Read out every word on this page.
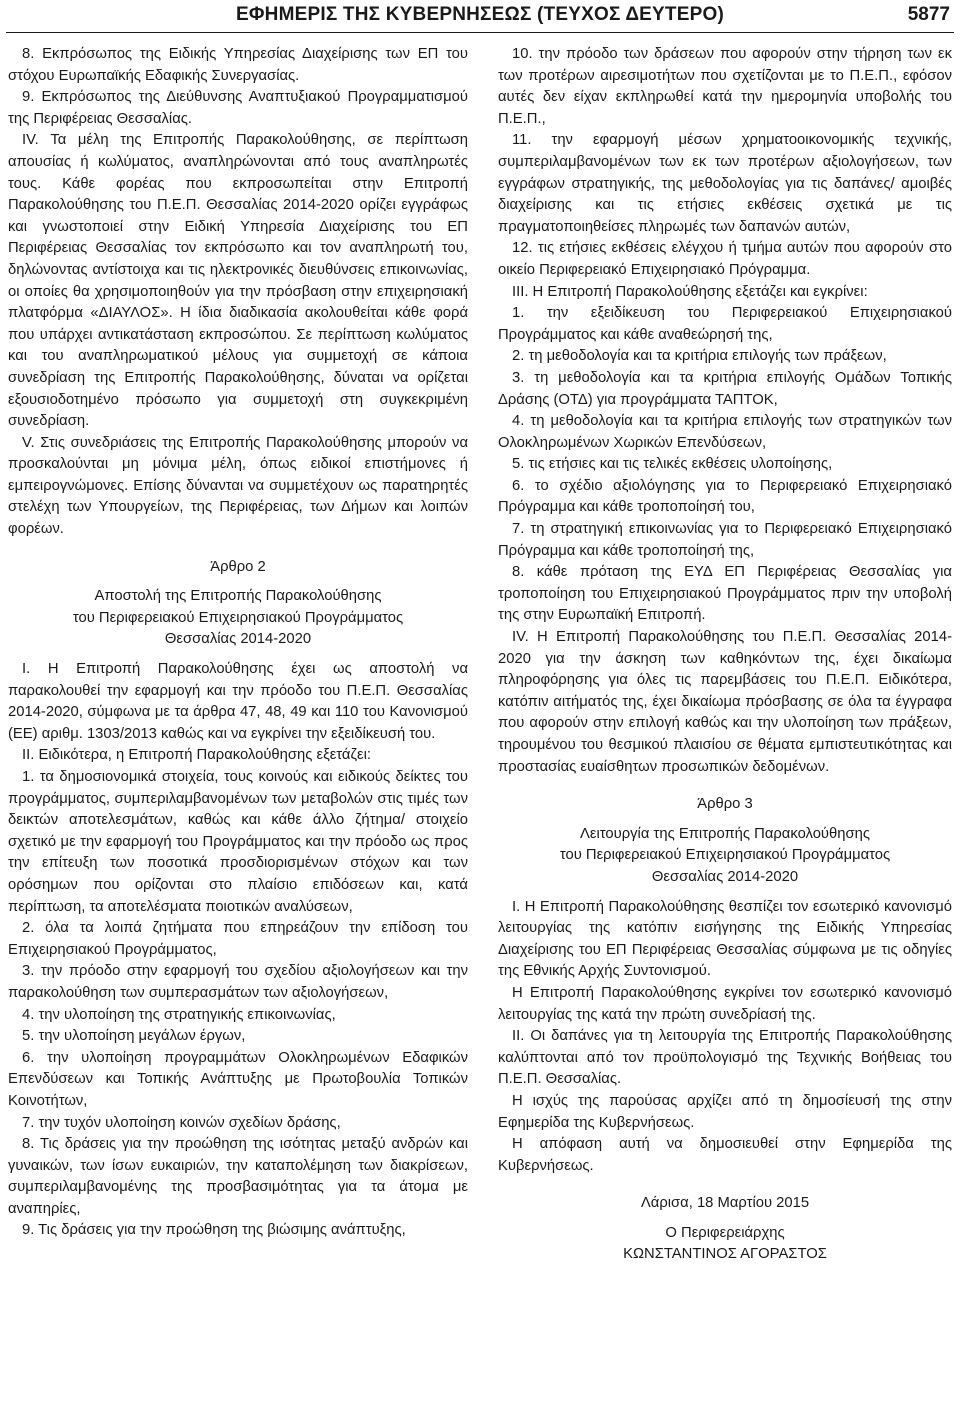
ΕΦΗΜΕΡΙΣ ΤΗΣ ΚΥΒΕΡΝΗΣΕΩΣ (ΤΕΥΧΟΣ ΔΕΥΤΕΡΟ)	5877

8. Εκπρόσωπος της Ειδικής Υπηρεσίας Διαχείρισης των ΕΠ του στόχου Ευρωπαϊκής Εδαφικής Συνεργασίας.

9. Εκπρόσωπος της Διεύθυνσης Αναπτυξιακού Προγραμματισμού της Περιφέρειας Θεσσαλίας.

IV. Τα μέλη της Επιτροπής Παρακολούθησης, σε περίπτωση απουσίας ή κωλύματος, αναπληρώνονται από τους αναπληρωτές τους. Κάθε φορέας που εκπροσωπείται στην Επιτροπή Παρακολούθησης του Π.Ε.Π. Θεσσαλίας 2014-2020 ορίζει εγγράφως και γνωστοποιεί στην Ειδική Υπηρεσία Διαχείρισης του ΕΠ Περιφέρειας Θεσσαλίας τον εκπρόσωπο και τον αναπληρωτή του, δηλώνοντας αντίστοιχα και τις ηλεκτρονικές διευθύνσεις επικοινωνίας, οι οποίες θα χρησιμοποιηθούν για την πρόσβαση στην επιχειρησιακή πλατφόρμα «ΔΙΑΥΛΟΣ». Η ίδια διαδικασία ακολουθείται κάθε φορά που υπάρχει αντικατάσταση εκπροσώπου. Σε περίπτωση κωλύματος και του αναπληρωματικού μέλους για συμμετοχή σε κάποια συνεδρίαση της Επιτροπής Παρακολούθησης, δύναται να ορίζεται εξουσιοδοτημένο πρόσωπο για συμμετοχή στη συγκεκριμένη συνεδρίαση.

V. Στις συνεδριάσεις της Επιτροπής Παρακολούθησης μπορούν να προσκαλούνται μη μόνιμα μέλη, όπως ειδικοί επιστήμονες ή εμπειρογνώμονες. Επίσης δύνανται να συμμετέχουν ως παρατηρητές στελέχη των Υπουργείων, της Περιφέρειας, των Δήμων και λοιπών φορέων.

Άρθρο 2

Αποστολή της Επιτροπής Παρακολούθησης

του Περιφερειακού Επιχειρησιακού Προγράμματος

Θεσσαλίας 2014-2020

I. Η Επιτροπή Παρακολούθησης έχει ως αποστολή να παρακολουθεί την εφαρμογή και την πρόοδο του Π.Ε.Π. Θεσσαλίας 2014-2020, σύμφωνα με τα άρθρα 47, 48, 49 και 110 του Κανονισμού (ΕΕ) αριθμ. 1303/2013 καθώς και να εγκρίνει την εξειδίκευσή του.

II. Ειδικότερα, η Επιτροπή Παρακολούθησης εξετάζει:

1. τα δημοσιονομικά στοιχεία, τους κοινούς και ειδικούς δείκτες του προγράμματος, συμπεριλαμβανομένων των μεταβολών στις τιμές των δεικτών αποτελεσμάτων, καθώς και κάθε άλλο ζήτημα/ στοιχείο σχετικό με την εφαρμογή του Προγράμματος και την πρόοδο ως προς την επίτευξη των ποσοτικά προσδιορισμένων στόχων και των ορόσημων που ορίζονται στο πλαίσιο επιδόσεων και, κατά περίπτωση, τα αποτελέσματα ποιοτικών αναλύσεων,

2. όλα τα λοιπά ζητήματα που επηρεάζουν την επίδοση του Επιχειρησιακού Προγράμματος,

3. την πρόοδο στην εφαρμογή του σχεδίου αξιολογήσεων και την παρακολούθηση των συμπερασμάτων των αξιολογήσεων,

4. την υλοποίηση της στρατηγικής επικοινωνίας,

5. την υλοποίηση μεγάλων έργων,

6. την υλοποίηση προγραμμάτων Ολοκληρωμένων Εδαφικών Επενδύσεων και Τοπικής Ανάπτυξης με Πρωτοβουλία Τοπικών Κοινοτήτων,

7. την τυχόν υλοποίηση κοινών σχεδίων δράσης,

8. Τις δράσεις για την προώθηση της ισότητας μεταξύ ανδρών και γυναικών, των ίσων ευκαιριών, την καταπολέμηση των διακρίσεων, συμπεριλαμβανομένης της προσβασιμότητας για τα άτομα με αναπηρίες,

9. Τις δράσεις για την προώθηση της βιώσιμης ανάπτυξης,

10. την πρόοδο των δράσεων που αφορούν στην τήρηση των εκ των προτέρων αιρεσιμοτήτων που σχετίζονται με το Π.Ε.Π., εφόσον αυτές δεν είχαν εκπληρωθεί κατά την ημερομηνία υποβολής του Π.Ε.Π.,

11. την εφαρμογή μέσων χρηματοοικονομικής τεχνικής, συμπεριλαμβανομένων των εκ των προτέρων αξιολογήσεων, των εγγράφων στρατηγικής, της μεθοδολογίας για τις δαπάνες/ αμοιβές διαχείρισης και τις ετήσιες εκθέσεις σχετικά με τις πραγματοποιηθείσες πληρωμές των δαπανών αυτών,

12. τις ετήσιες εκθέσεις ελέγχου ή τμήμα αυτών που αφορούν στο οικείο Περιφερειακό Επιχειρησιακό Πρόγραμμα.

III. Η Επιτροπή Παρακολούθησης εξετάζει και εγκρίνει:

1. την εξειδίκευση του Περιφερειακού Επιχειρησιακού Προγράμματος και κάθε αναθεώρησή της,

2. τη μεθοδολογία και τα κριτήρια επιλογής των πράξεων,

3. τη μεθοδολογία και τα κριτήρια επιλογής Ομάδων Τοπικής Δράσης (ΟΤΔ) για προγράμματα ΤΑΠΤΟΚ,

4. τη μεθοδολογία και τα κριτήρια επιλογής των στρατηγικών των Ολοκληρωμένων Χωρικών Επενδύσεων,

5. τις ετήσιες και τις τελικές εκθέσεις υλοποίησης,

6. το σχέδιο αξιολόγησης για το Περιφερειακό Επιχειρησιακό Πρόγραμμα και κάθε τροποποίησή του,

7. τη στρατηγική επικοινωνίας για το Περιφερειακό Επιχειρησιακό Πρόγραμμα και κάθε τροποποίησή της,

8. κάθε πρόταση της ΕΥΔ ΕΠ Περιφέρειας Θεσσαλίας για τροποποίηση του Επιχειρησιακού Προγράμματος πριν την υποβολή της στην Ευρωπαϊκή Επιτροπή.

IV. Η Επιτροπή Παρακολούθησης του Π.Ε.Π. Θεσσαλίας 2014-2020 για την άσκηση των καθηκόντων της, έχει δικαίωμα πληροφόρησης για όλες τις παρεμβάσεις του Π.Ε.Π. Ειδικότερα, κατόπιν αιτήματός της, έχει δικαίωμα πρόσβασης σε όλα τα έγγραφα που αφορούν στην επιλογή καθώς και την υλοποίηση των πράξεων, τηρουμένου του θεσμικού πλαισίου σε θέματα εμπιστευτικότητας και προστασίας ευαίσθητων προσωπικών δεδομένων.

Άρθρο 3

Λειτουργία της Επιτροπής Παρακολούθησης

του Περιφερειακού Επιχειρησιακού Προγράμματος

Θεσσαλίας 2014-2020

I. Η Επιτροπή Παρακολούθησης θεσπίζει τον εσωτερικό κανονισμό λειτουργίας της κατόπιν εισήγησης της Ειδικής Υπηρεσίας Διαχείρισης του ΕΠ Περιφέρειας Θεσσαλίας σύμφωνα με τις οδηγίες της Εθνικής Αρχής Συντονισμού.

Η Επιτροπή Παρακολούθησης εγκρίνει τον εσωτερικό κανονισμό λειτουργίας της κατά την πρώτη συνεδρίασή της.

II. Οι δαπάνες για τη λειτουργία της Επιτροπής Παρακολούθησης καλύπτονται από τον προϋπολογισμό της Τεχνικής Βοήθειας του Π.Ε.Π. Θεσσαλίας.

Η ισχύς της παρούσας αρχίζει από τη δημοσίευσή της στην Εφημερίδα της Κυβερνήσεως.

Η απόφαση αυτή να δημοσιευθεί στην Εφημερίδα της Κυβερνήσεως.

Λάρισα, 18 Μαρτίου 2015

Ο Περιφερειάρχης

ΚΩΝΣΤΑΝΤΙΝΟΣ ΑΓΟΡΑΣΤΟΣ
